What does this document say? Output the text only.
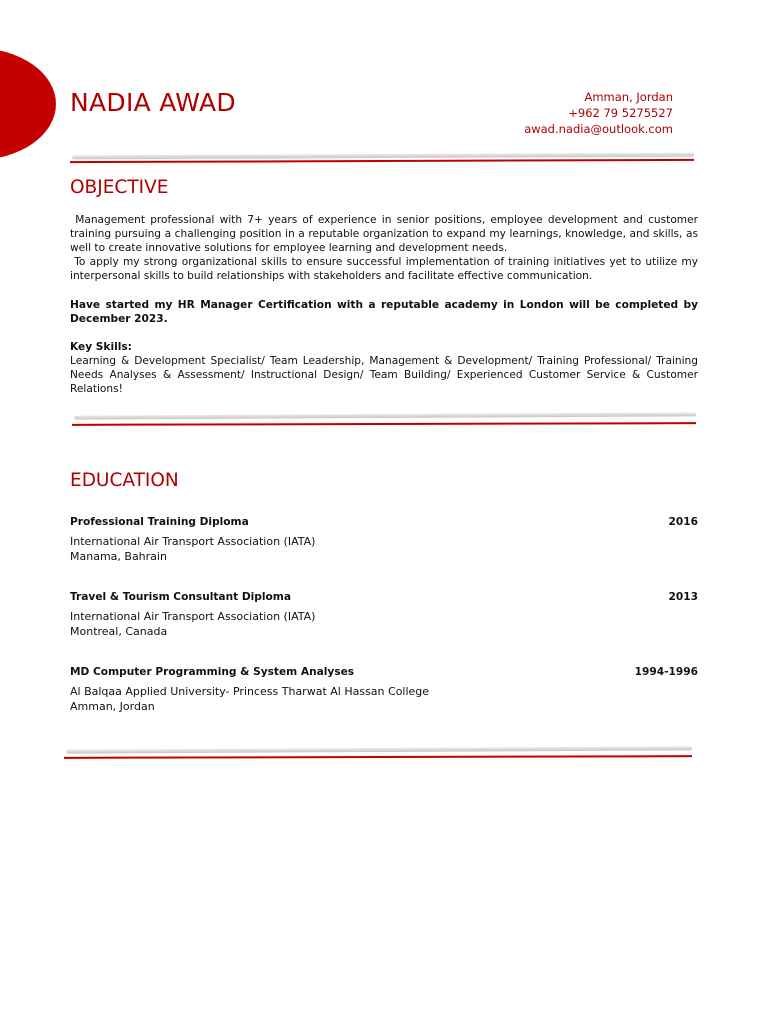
NADIA AWAD	Amman, Jordan
+962 79 5275527
awad.nadia@outlook.com
OBJECTIVE
Management professional with 7+ years of experience in senior positions, employee development and customer training pursuing a challenging position in a reputable organization to expand my learnings, knowledge, and skills, as well to create innovative solutions for employee learning and development needs.
To apply my strong organizational skills to ensure successful implementation of training initiatives yet to utilize my interpersonal skills to build relationships with stakeholders and facilitate effective communication.
Have started my HR Manager Certification with a reputable academy in London will be completed by December 2023.
Key Skills:
Learning & Development Specialist/ Team Leadership, Management & Development/ Training Professional/ Training Needs Analyses & Assessment/ Instructional Design/ Team Building/ Experienced Customer Service & Customer Relations!
EDUCATION
Professional Training Diploma	2016
International Air Transport Association (IATA)
Manama, Bahrain
Travel & Tourism Consultant Diploma	2013
International Air Transport Association (IATA)
Montreal, Canada
MD Computer Programming & System Analyses	1994-1996
Al Balqaa Applied University- Princess Tharwat Al Hassan College
Amman, Jordan
